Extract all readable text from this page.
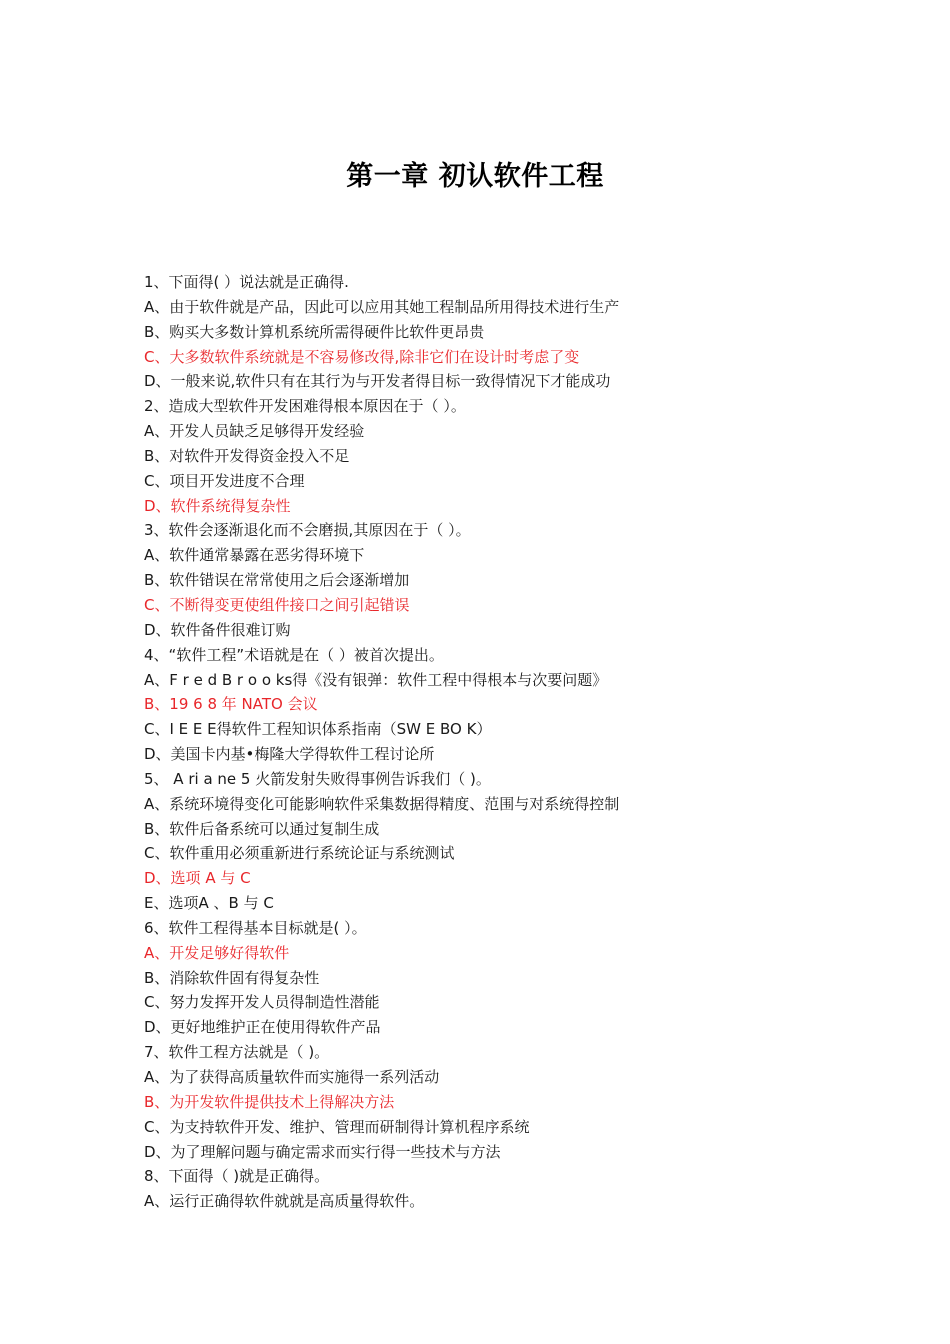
第一章 初认软件工程
1、下面得( ）说法就是正确得.
A、由于软件就是产品，因此可以应用其她工程制品所用得技术进行生产
B、购买大多数计算机系统所需得硬件比软件更昂贵
C、大多数软件系统就是不容易修改得,除非它们在设计时考虑了变
D、一般来说,软件只有在其行为与开发者得目标一致得情况下才能成功
2、造成大型软件开发困难得根本原因在于（ ）。
A、开发人员缺乏足够得开发经验
B、对软件开发得资金投入不足
C、项目开发进度不合理
D、软件系统得复杂性
3、软件会逐渐退化而不会磨损,其原因在于（ ）。
A、软件通常暴露在恶劣得环境下
B、软件错误在常常使用之后会逐渐增加
C、不断得变更使组件接口之间引起错误
D、软件备件很难订购
4、“软件工程”术语就是在（ ）被首次提出。
A、F r e d B r o o ks得《没有银弹：软件工程中得根本与次要问题》
B、19 6 8 年 NATO 会议
C、I E E E得软件工程知识体系指南（SW E BO K）
D、美国卡内基•梅隆大学得软件工程讨论所
5、 A ri a ne 5 火箭发射失败得事例告诉我们（ )。
A、系统环境得变化可能影响软件采集数据得精度、范围与对系统得控制
B、软件后备系统可以通过复制生成
C、软件重用必须重新进行系统论证与系统测试
D、选项 A 与 C
E、选项A 、B 与 C
6、软件工程得基本目标就是( ）。
A、开发足够好得软件
B、消除软件固有得复杂性
C、努力发挥开发人员得制造性潜能
D、更好地维护正在使用得软件产品
7、软件工程方法就是（ )。
A、为了获得高质量软件而实施得一系列活动
B、为开发软件提供技术上得解决方法
C、为支持软件开发、维护、管理而研制得计算机程序系统
D、为了理解问题与确定需求而实行得一些技术与方法
8、下面得（ )就是正确得。
A、运行正确得软件就就是高质量得软件。
